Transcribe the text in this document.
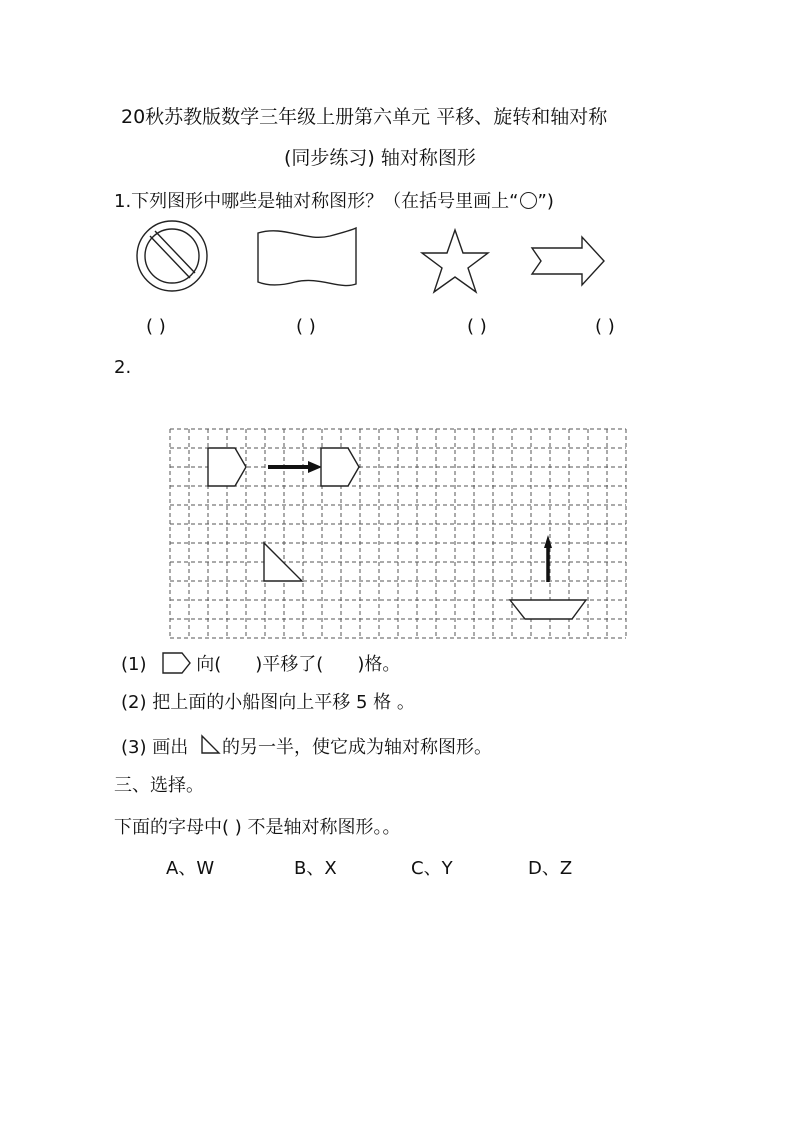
20秋苏教版数学三年级上册第六单元 平移、旋转和轴对称
(同步练习) 轴对称图形
1.下列图形中哪些是轴对称图形？（在括号里画上“○”)
( )	( )	( )	( )
2.
(1)	向( )平移了( )格。
(2) 把上面的小船图向上平移 5 格 。
(3) 画出 的另一半，使它成为轴对称图形。
三、选择。
下面的字母中( ) 不是轴对称图形。。
A、W	B、X	C、Y	D、Z
